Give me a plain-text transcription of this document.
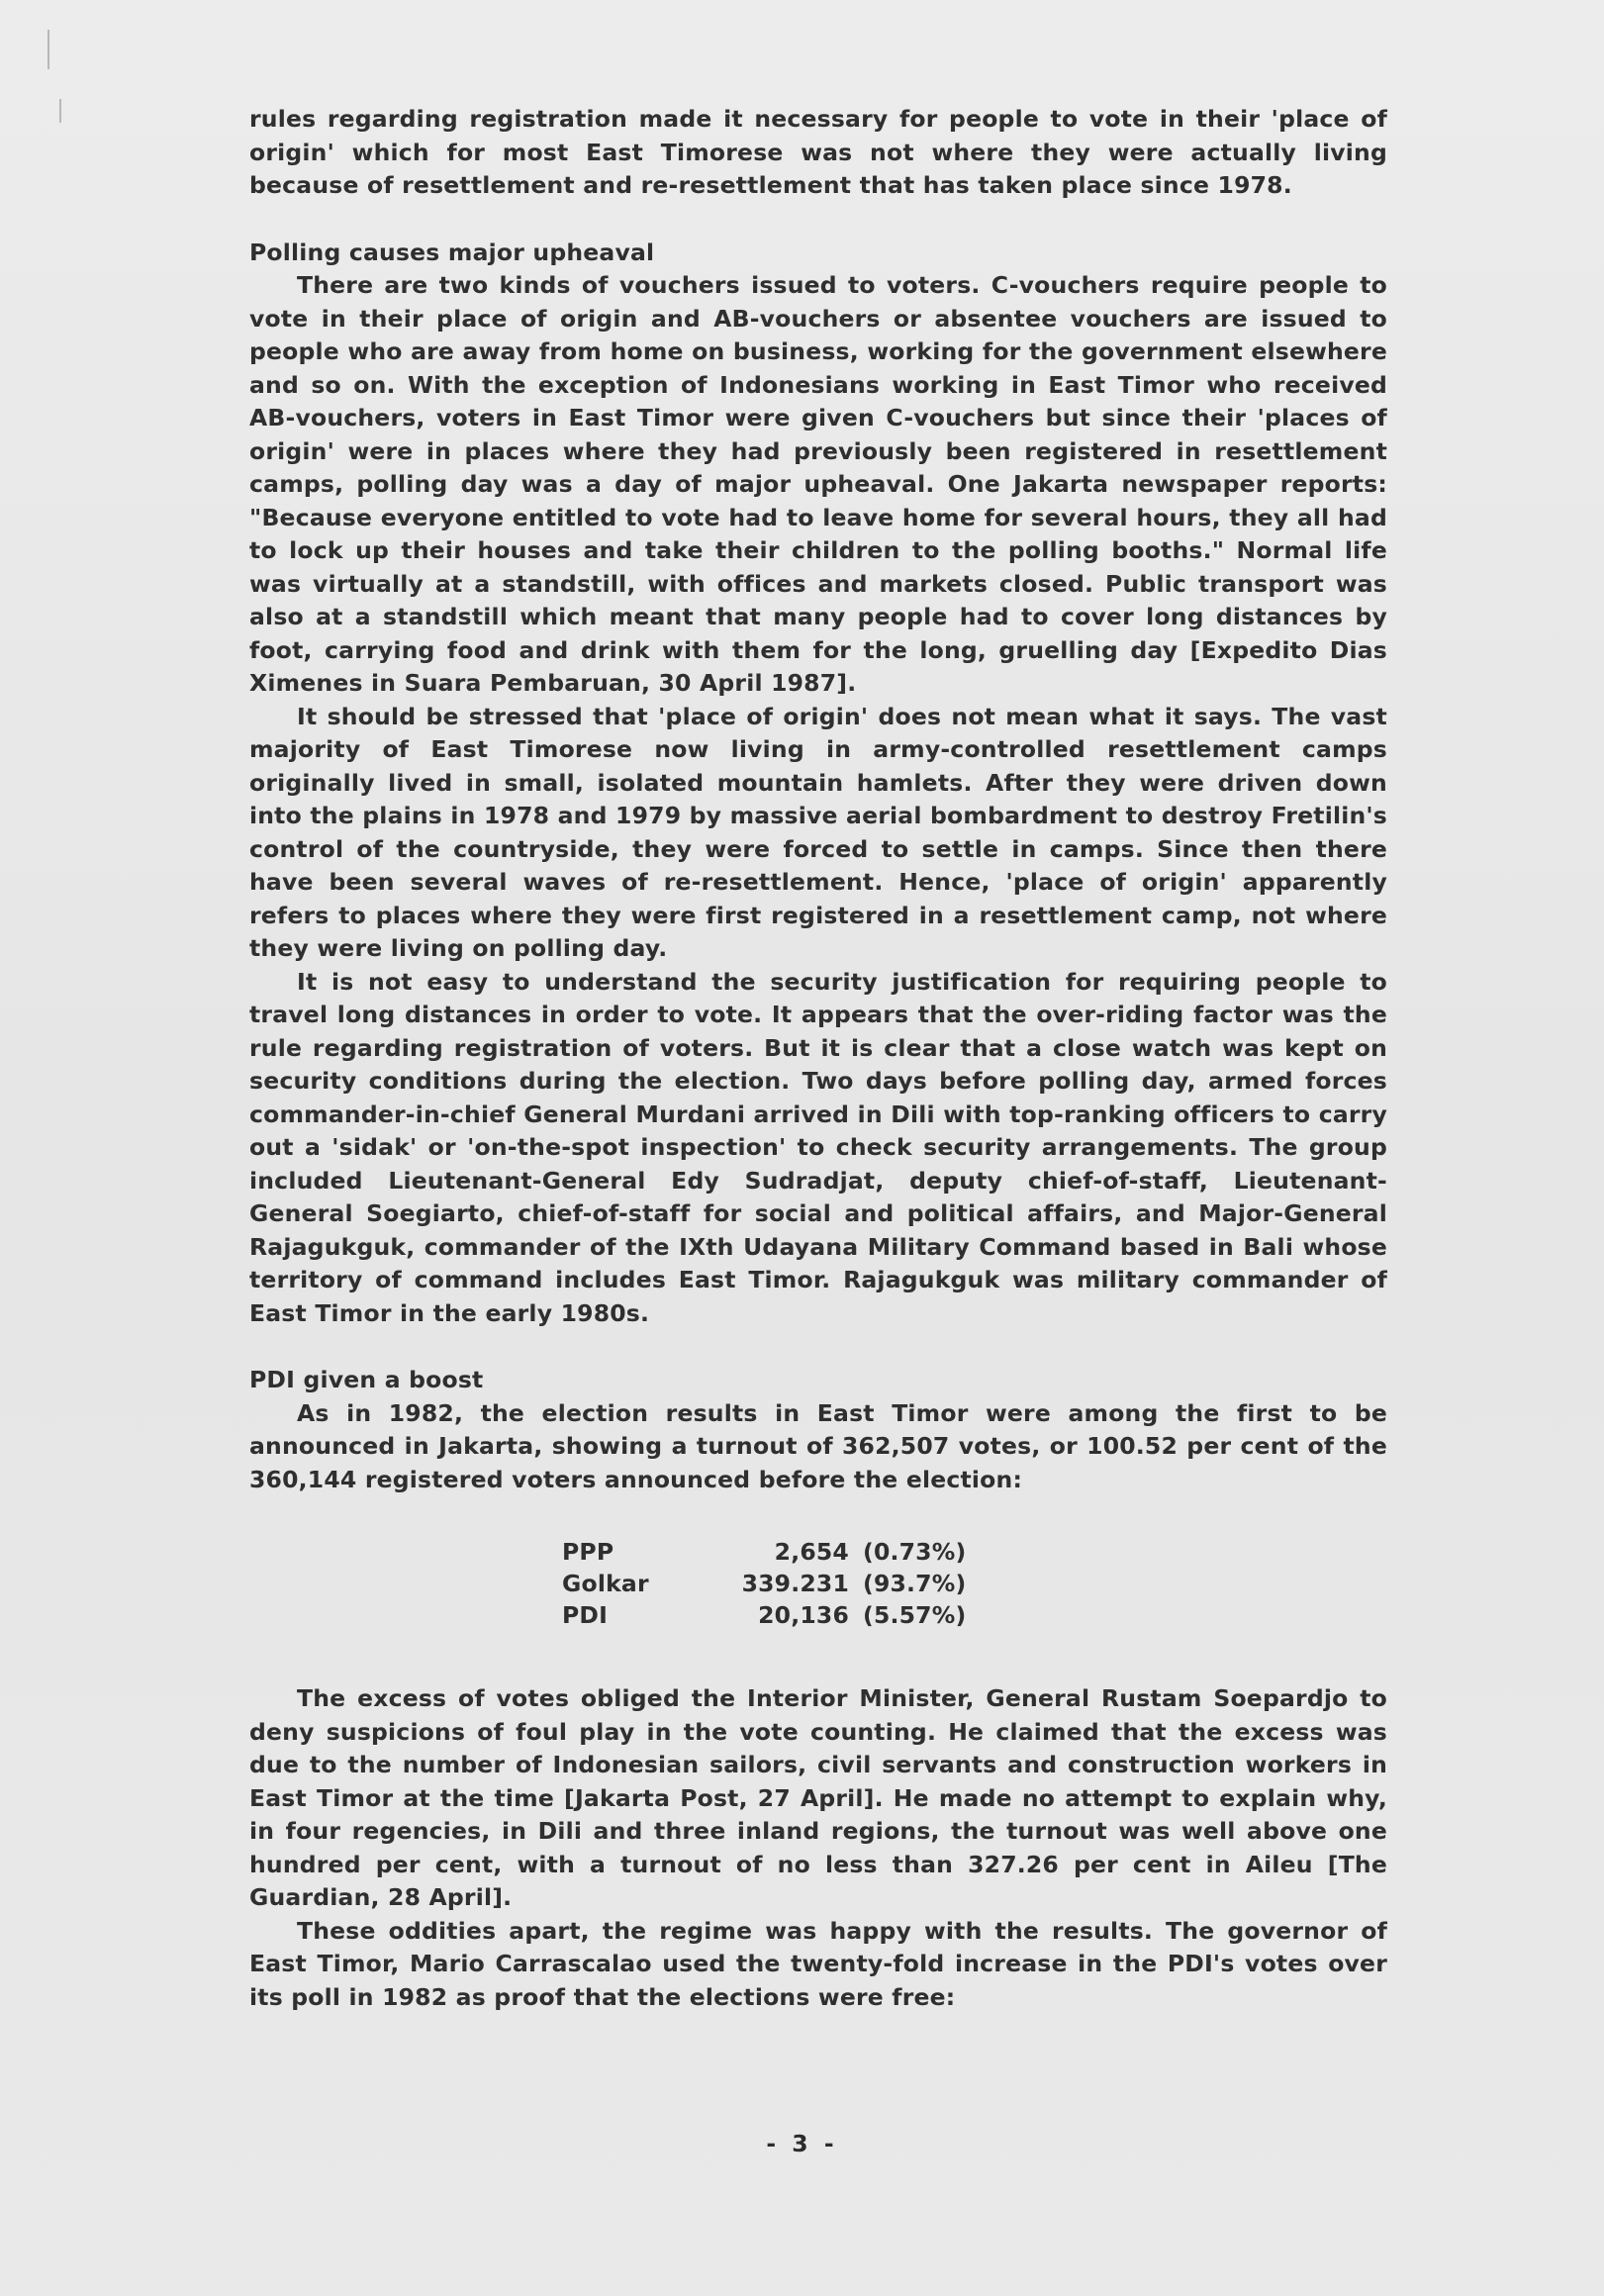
rules regarding registration made it necessary for people to vote in their 'place of origin' which for most East Timorese was not where they were actually living because of resettlement and re-resettlement that has taken place since 1978.

Polling causes major upheaval

There are two kinds of vouchers issued to voters. C-vouchers require people to vote in their place of origin and AB-vouchers or absentee vouchers are issued to people who are away from home on business, working for the government elsewhere and so on. With the exception of Indonesians working in East Timor who received AB-vouchers, voters in East Timor were given C-vouchers but since their 'places of origin' were in places where they had previously been registered in resettlement camps, polling day was a day of major upheaval. One Jakarta newspaper reports: "Because everyone entitled to vote had to leave home for several hours, they all had to lock up their houses and take their children to the polling booths." Normal life was virtually at a standstill, with offices and markets closed. Public transport was also at a standstill which meant that many people had to cover long distances by foot, carrying food and drink with them for the long, gruelling day [Expedito Dias Ximenes in Suara Pembaruan, 30 April 1987].

It should be stressed that 'place of origin' does not mean what it says. The vast majority of East Timorese now living in army-controlled resettlement camps originally lived in small, isolated mountain hamlets. After they were driven down into the plains in 1978 and 1979 by massive aerial bombardment to destroy Fretilin's control of the countryside, they were forced to settle in camps. Since then there have been several waves of re-resettlement. Hence, 'place of origin' apparently refers to places where they were first registered in a resettlement camp, not where they were living on polling day.

It is not easy to understand the security justification for requiring people to travel long distances in order to vote. It appears that the over-riding factor was the rule regarding registration of voters. But it is clear that a close watch was kept on security conditions during the election. Two days before polling day, armed forces commander-in-chief General Murdani arrived in Dili with top-ranking officers to carry out a 'sidak' or 'on-the-spot inspection' to check security arrangements. The group included Lieutenant-General Edy Sudradjat, deputy chief-of-staff, Lieutenant-General Soegiarto, chief-of-staff for social and political affairs, and Major-General Rajagukguk, commander of the IXth Udayana Military Command based in Bali whose territory of command includes East Timor. Rajagukguk was military commander of East Timor in the early 1980s.

PDI given a boost

As in 1982, the election results in East Timor were among the first to be announced in Jakarta, showing a turnout of 362,507 votes, or 100.52 per cent of the 360,144 registered voters announced before the election:

PPP	2,654 (0.73%)
Golkar	339.231 (93.7%)
PDI	20,136 (5.57%)

The excess of votes obliged the Interior Minister, General Rustam Soepardjo to deny suspicions of foul play in the vote counting. He claimed that the excess was due to the number of Indonesian sailors, civil servants and construction workers in East Timor at the time [Jakarta Post, 27 April]. He made no attempt to explain why, in four regencies, in Dili and three inland regions, the turnout was well above one hundred per cent, with a turnout of no less than 327.26 per cent in Aileu [The Guardian, 28 April].

These oddities apart, the regime was happy with the results. The governor of East Timor, Mario Carrascalao used the twenty-fold increase in the PDI's votes over its poll in 1982 as proof that the elections were free:

- 3 -
